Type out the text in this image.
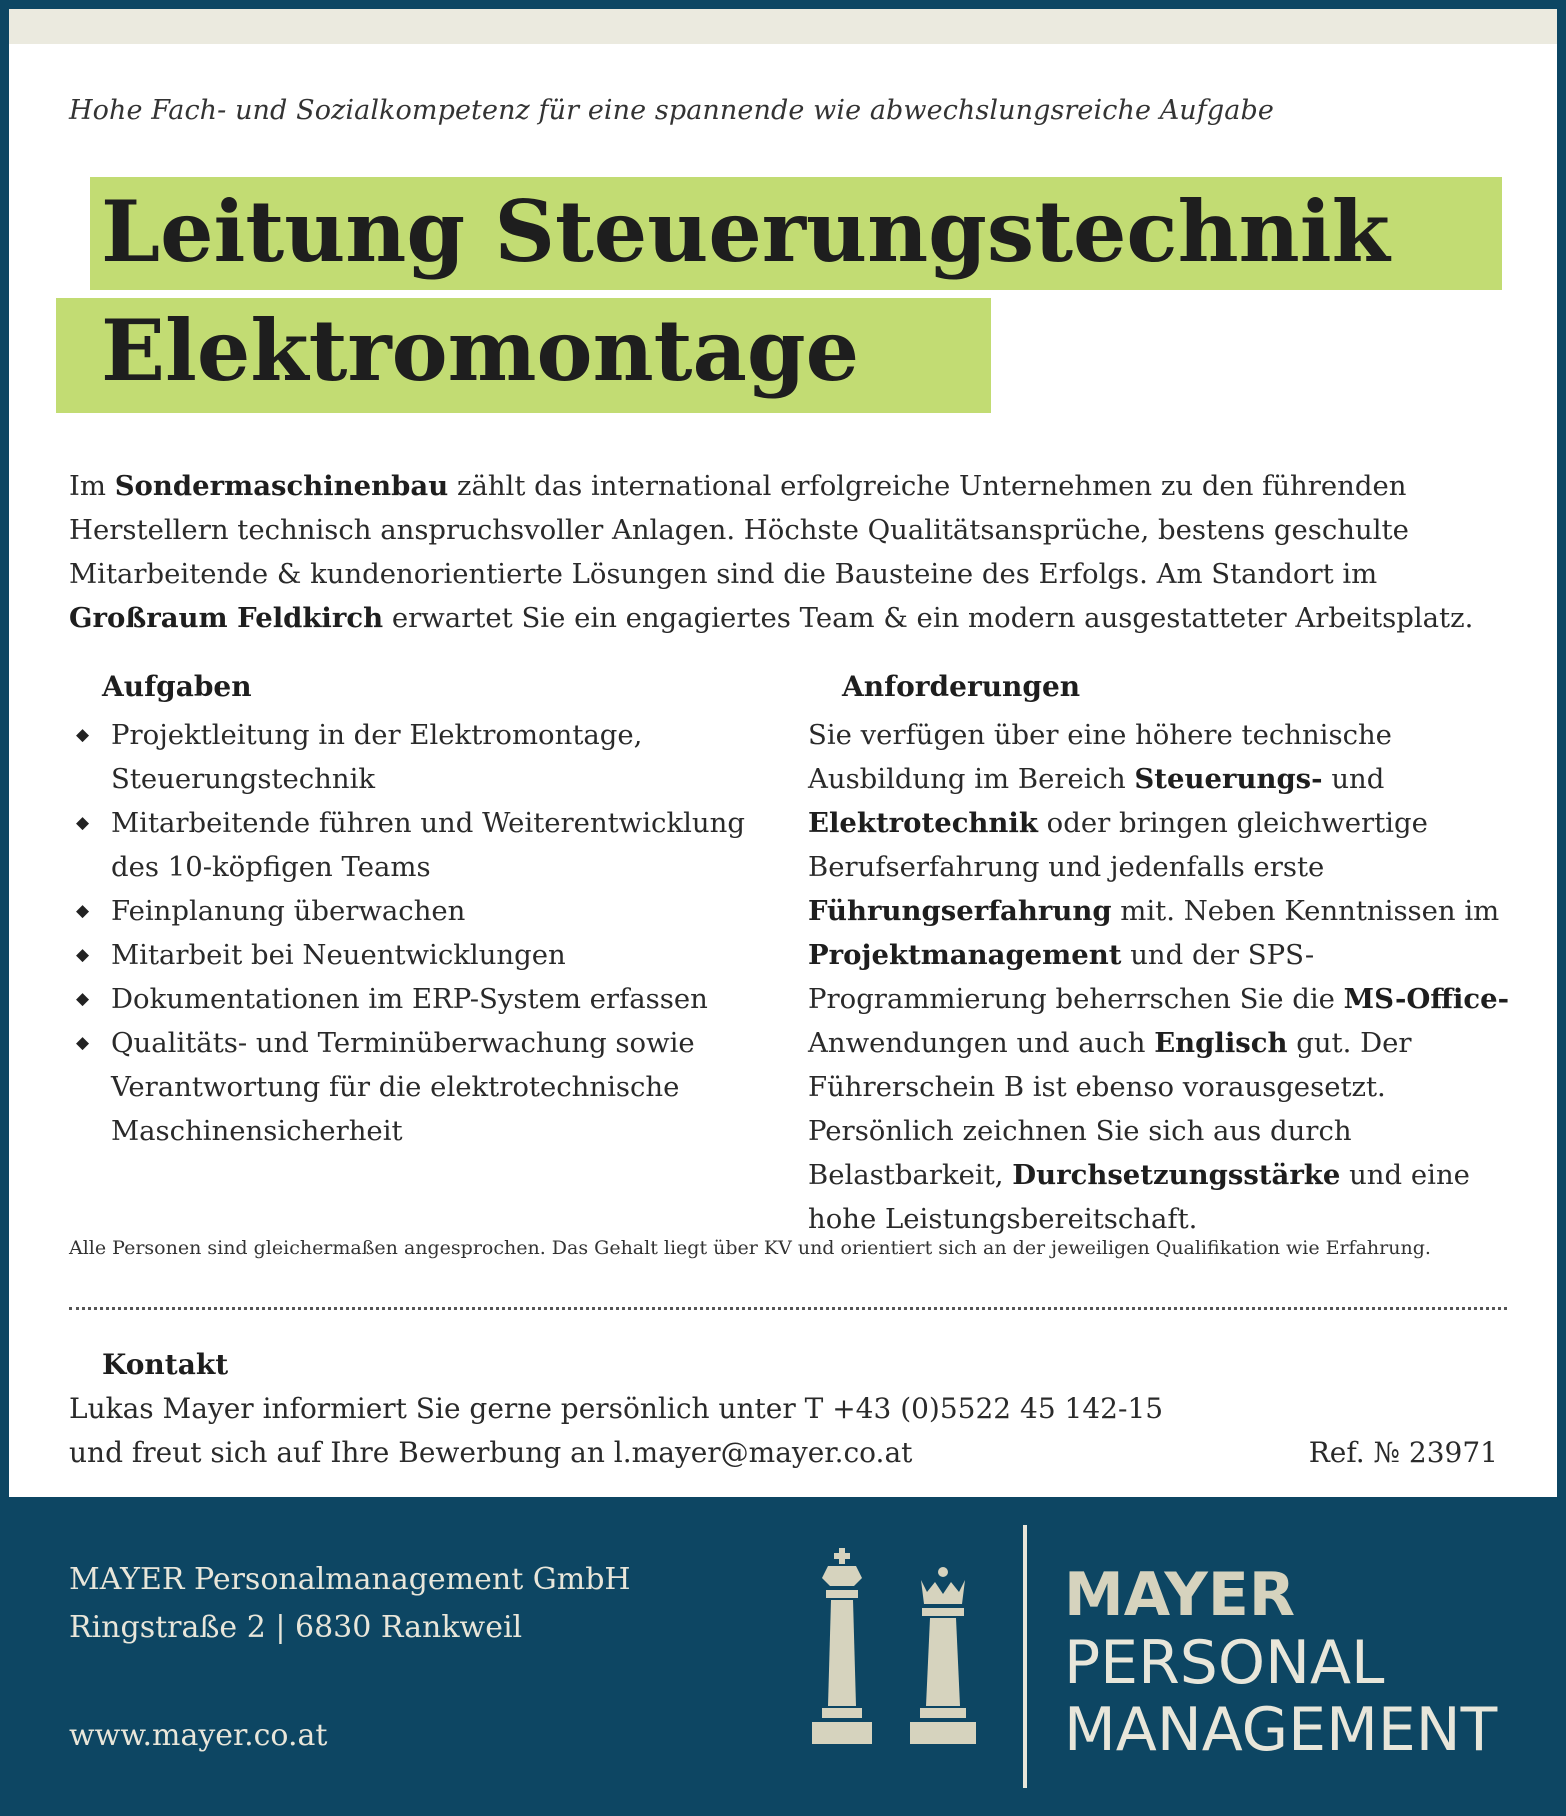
Hohe Fach- und Sozialkompetenz für eine spannende wie abwechslungsreiche Aufgabe
Leitung Steuerungstechnik
Elektromontage
Im Sondermaschinenbau zählt das international erfolgreiche Unternehmen zu den führenden Herstellern technisch anspruchsvoller Anlagen. Höchste Qualitätsansprüche, bestens geschulte Mitarbeitende & kundenorientierte Lösungen sind die Bausteine des Erfolgs. Am Standort im Großraum Feldkirch erwartet Sie ein engagiertes Team & ein modern ausgestatteter Arbeitsplatz.
Aufgaben	Anforderungen
◆ Projektleitung in der Elektromontage, Steuerungstechnik
◆ Mitarbeitende führen und Weiterentwicklung des 10-köpfigen Teams
◆ Feinplanung überwachen
◆ Mitarbeit bei Neuentwicklungen
◆ Dokumentationen im ERP-System erfassen
◆ Qualitäts- und Terminüberwachung sowie Verantwortung für die elektrotechnische Maschinensicherheit
Sie verfügen über eine höhere technische Ausbildung im Bereich Steuerungs- und Elektrotechnik oder bringen gleichwertige Berufserfahrung und jedenfalls erste Führungserfahrung mit. Neben Kenntnissen im Projektmanagement und der SPS-Programmierung beherrschen Sie die MS-Office-Anwendungen und auch Englisch gut. Der Führerschein B ist ebenso vorausgesetzt. Persönlich zeichnen Sie sich aus durch Belastbarkeit, Durchsetzungsstärke und eine hohe Leistungsbereitschaft.
Alle Personen sind gleichermaßen angesprochen. Das Gehalt liegt über KV und orientiert sich an der jeweiligen Qualifikation wie Erfahrung.
Kontakt
Lukas Mayer informiert Sie gerne persönlich unter T +43 (0)5522 45 142-15
und freut sich auf Ihre Bewerbung an l.mayer@mayer.co.at	Ref. № 23971
MAYER Personalmanagement GmbH
Ringstraße 2 | 6830 Rankweil
www.mayer.co.at
MAYER
PERSONAL
MANAGEMENT
